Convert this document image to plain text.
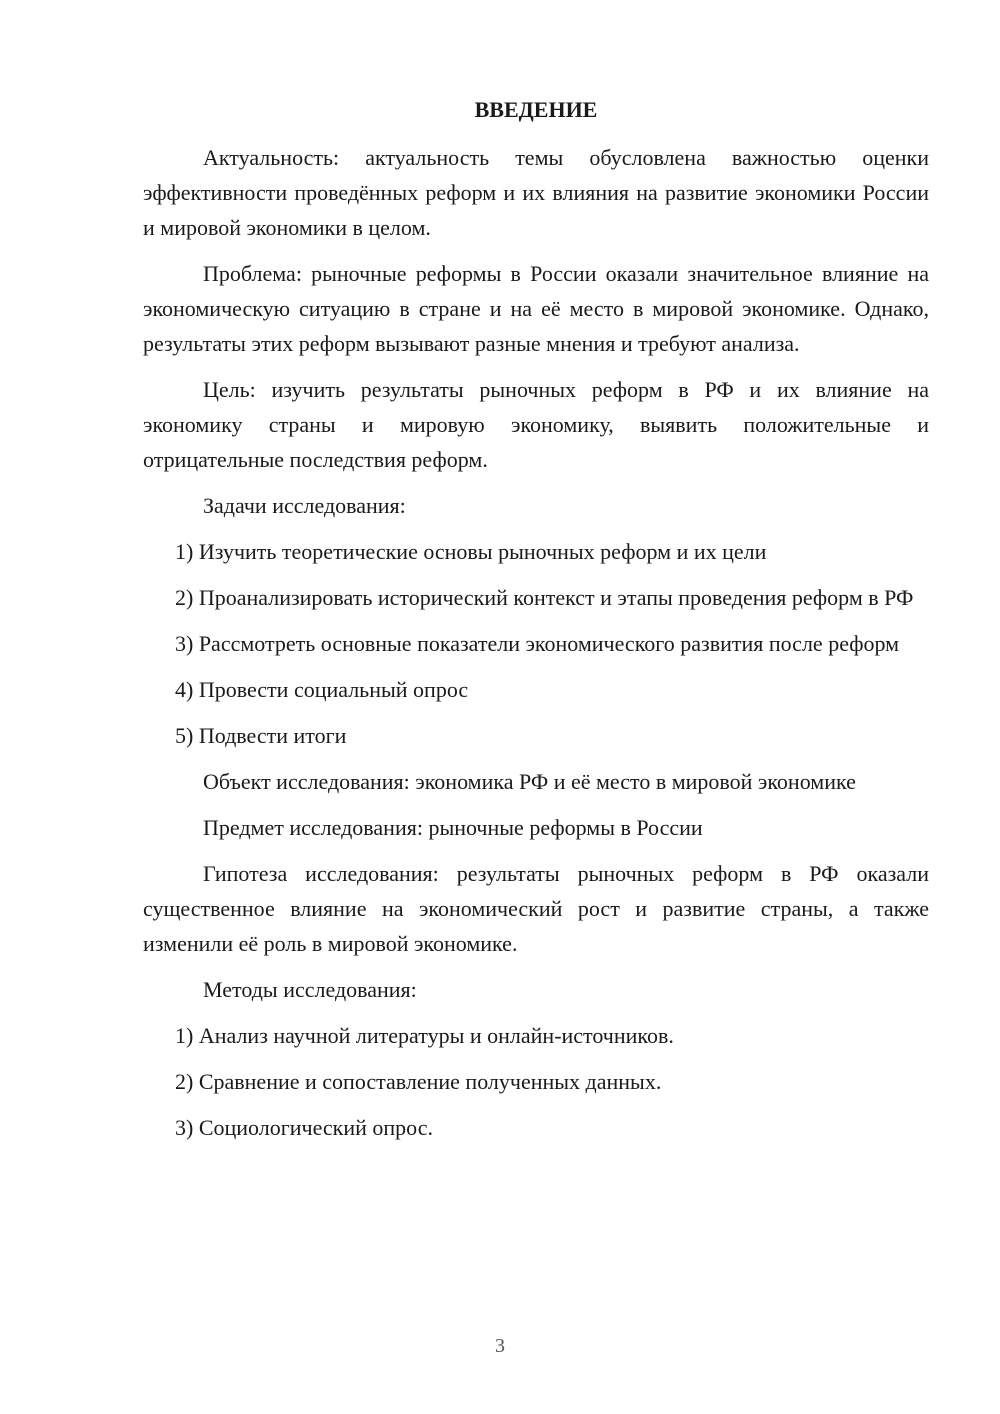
ВВЕДЕНИЕ

Актуальность: актуальность темы обусловлена важностью оценки эффективности проведённых реформ и их влияния на развитие экономики России и мировой экономики в целом.

Проблема: рыночные реформы в России оказали значительное влияние на экономическую ситуацию в стране и на её место в мировой экономике. Однако, результаты этих реформ вызывают разные мнения и требуют анализа.

Цель: изучить результаты рыночных реформ в РФ и их влияние на экономику страны и мировую экономику, выявить положительные и отрицательные последствия реформ.

Задачи исследования:

1) Изучить теоретические основы рыночных реформ и их цели

2) Проанализировать исторический контекст и этапы проведения реформ в РФ

3) Рассмотреть основные показатели экономического развития после реформ

4) Провести социальный опрос

5) Подвести итоги

Объект исследования: экономика РФ и её место в мировой экономике

Предмет исследования: рыночные реформы в России

Гипотеза исследования: результаты рыночных реформ в РФ оказали существенное влияние на экономический рост и развитие страны, а также изменили её роль в мировой экономике.

Методы исследования:

1) Анализ научной литературы и онлайн-источников.

2) Сравнение и сопоставление полученных данных.

3) Социологический опрос.

3
